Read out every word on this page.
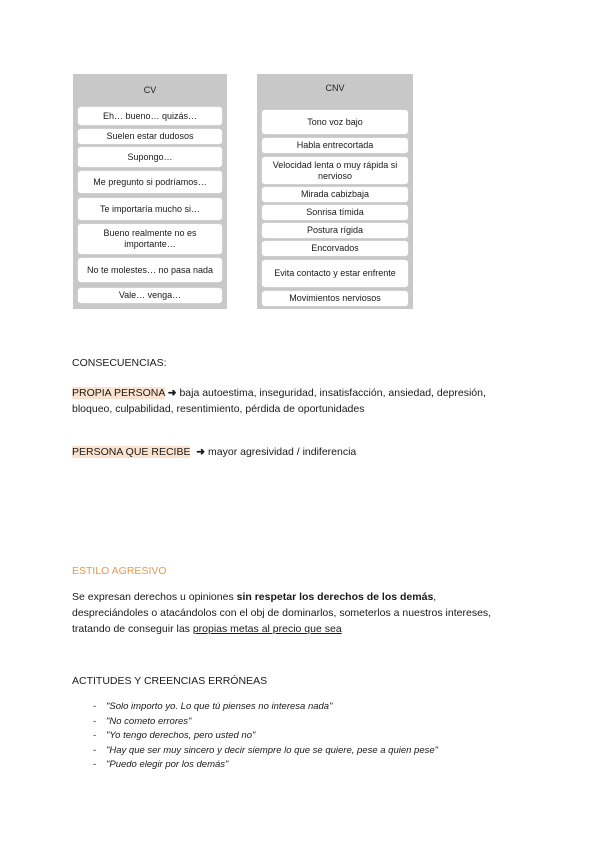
CV
Eh… bueno… quizás…
Suelen estar dudosos
Supongo…
Me pregunto si podríamos…
Te importaría mucho si…
Bueno realmente no es importante…
No te molestes… no pasa nada
Vale… venga…
CNV
Tono voz bajo
Habla entrecortada
Velocidad lenta o muy rápida si nervioso
Mirada cabizbaja
Sonrisa tímida
Postura rígida
Encorvados
Evita contacto y estar enfrente
Movimientos nerviosos
CONSECUENCIAS:
PROPIA PERSONA ➜ baja autoestima, inseguridad, insatisfacción, ansiedad, depresión,
bloqueo, culpabilidad, resentimiento, pérdida de oportunidades
PERSONA QUE RECIBE ➜ mayor agresividad / indiferencia
ESTILO AGRESIVO
Se expresan derechos u opiniones sin respetar los derechos de los demás,
despreciándoles o atacándolos con el obj de dominarlos, someterlos a nuestros intereses,
tratando de conseguir las propias metas al precio que sea
ACTITUDES Y CREENCIAS ERRÓNEAS
- "Solo importo yo. Lo que tú pienses no interesa nada"
- "No cometo errores"
- "Yo tengo derechos, pero usted no"
- "Hay que ser muy sincero y decir siempre lo que se quiere, pese a quien pese"
- "Puedo elegir por los demás"
